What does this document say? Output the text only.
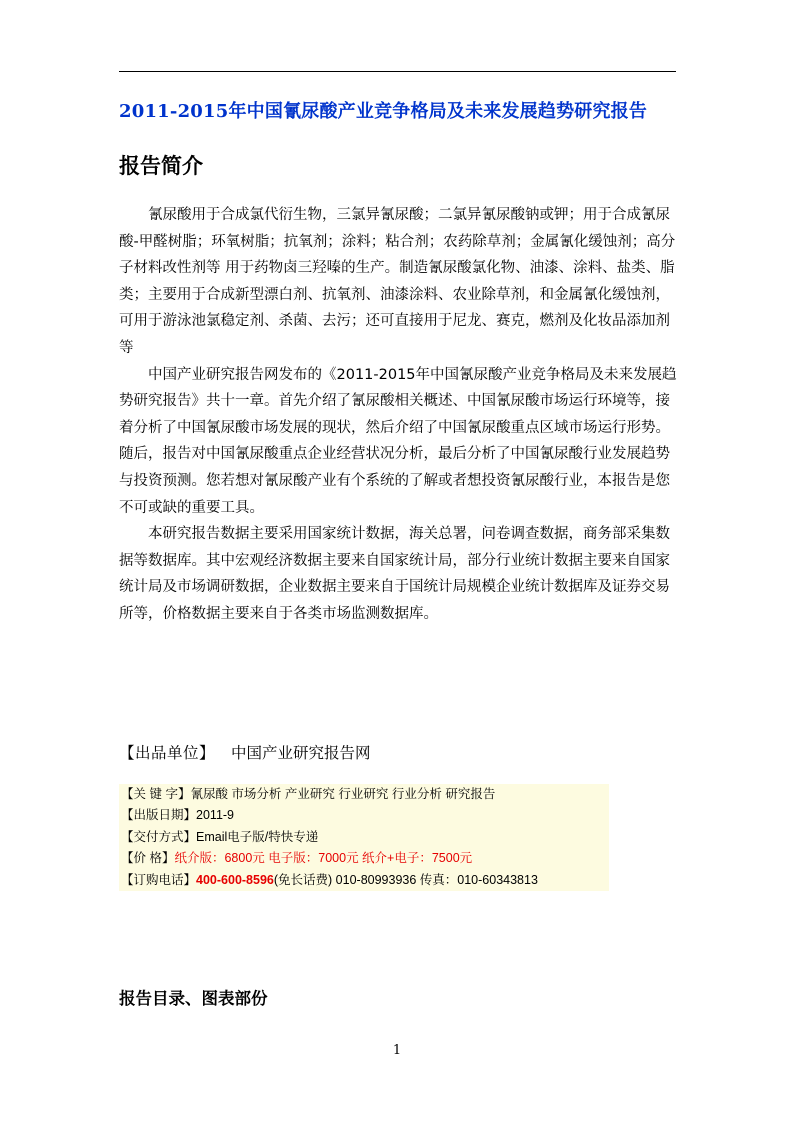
2011-2015年中国氰尿酸产业竞争格局及未来发展趋势研究报告
报告简介

氰尿酸用于合成氯代衍生物，三氯异氰尿酸；二氯异氰尿酸钠或钾；用于合成氰尿酸-甲醛树脂；环氧树脂；抗氧剂；涂料；粘合剂；农药除草剂；金属氰化缓蚀剂；高分子材料改性剂等 用于药物卤三羟嗪的生产。制造氰尿酸氯化物、油漆、涂料、盐类、脂类；主要用于合成新型漂白剂、抗氧剂、油漆涂料、农业除草剂，和金属氰化缓蚀剂，可用于游泳池氯稳定剂、杀菌、去污；还可直接用于尼龙、赛克，燃剂及化妆品添加剂等

中国产业研究报告网发布的《2011-2015年中国氰尿酸产业竞争格局及未来发展趋势研究报告》共十一章。首先介绍了氰尿酸相关概述、中国氰尿酸市场运行环境等，接着分析了中国氰尿酸市场发展的现状，然后介绍了中国氰尿酸重点区域市场运行形势。随后，报告对中国氰尿酸重点企业经营状况分析，最后分析了中国氰尿酸行业发展趋势与投资预测。您若想对氰尿酸产业有个系统的了解或者想投资氰尿酸行业，本报告是您不可或缺的重要工具。

本研究报告数据主要采用国家统计数据，海关总署，问卷调查数据，商务部采集数据等数据库。其中宏观经济数据主要来自国家统计局，部分行业统计数据主要来自国家统计局及市场调研数据，企业数据主要来自于国统计局规模企业统计数据库及证券交易所等，价格数据主要来自于各类市场监测数据库。

【出品单位】 中国产业研究报告网
【关 键 字】氰尿酸 市场分析 产业研究 行业研究 行业分析 研究报告
【出版日期】2011-9
【交付方式】Email电子版/特快专递
【价 格】纸介版：6800元 电子版：7000元 纸介+电子：7500元
【订购电话】400-600-8596(免长话费) 010-80993936 传真：010-60343813
报告目录、图表部份
1
